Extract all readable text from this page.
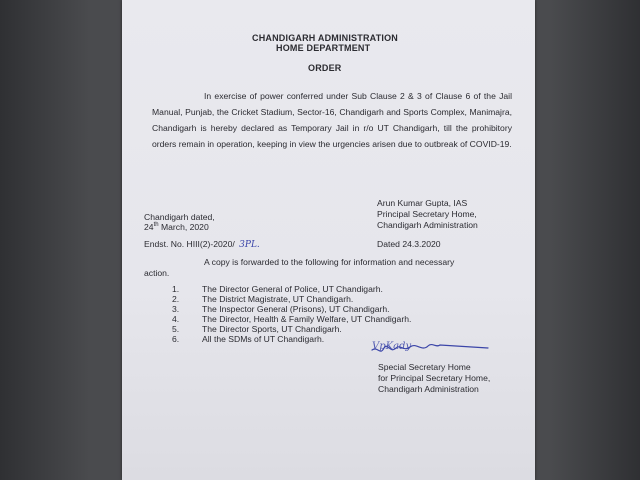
CHANDIGARH ADMINISTRATION
HOME DEPARTMENT
ORDER
In exercise of power conferred under Sub Clause 2 & 3 of Clause 6 of the Jail Manual, Punjab, the Cricket Stadium, Sector-16, Chandigarh and Sports Complex, Manimajra, Chandigarh is hereby declared as Temporary Jail in r/o UT Chandigarh, till the prohibitory orders remain in operation, keeping in view the urgencies arisen due to outbreak of COVID-19.
Arun Kumar Gupta, IAS
Principal Secretary Home,
Chandigarh Administration
Chandigarh dated,
24th March, 2020
Endst. No. HIII(2)-2020/ 3PL.	Dated 24.3.2020
A copy is forwarded to the following for information and necessary
action.
1.	The Director General of Police, UT Chandigarh.
2.	The District Magistrate, UT Chandigarh.
3.	The Inspector General (Prisons), UT Chandigarh.
4.	The Director, Health & Family Welfare, UT Chandigarh.
5.	The Director Sports, UT Chandigarh.
6.	All the SDMs of UT Chandigarh.
VpKady
Special Secretary Home
for Principal Secretary Home,
Chandigarh Administration
